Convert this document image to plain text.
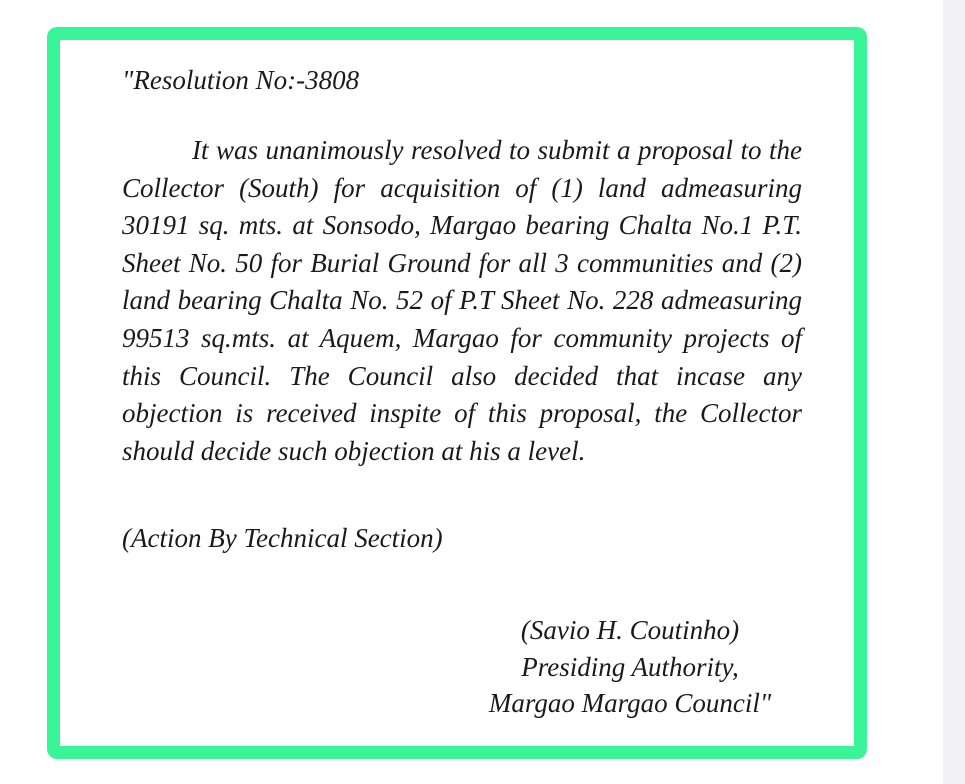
"Resolution No:-3808

It was unanimously resolved to submit a proposal to the Collector (South) for acquisition of (1) land admeasuring 30191 sq. mts. at Sonsodo, Margao bearing Chalta No.1 P.T. Sheet No. 50 for Burial Ground for all 3 communities and (2) land bearing Chalta No. 52 of P.T Sheet No. 228 admeasuring 99513 sq.mts. at Aquem, Margao for community projects of this Council. The Council also decided that incase any objection is received inspite of this proposal, the Collector should decide such objection at his a level.

(Action By Technical Section)

(Savio H. Coutinho)
Presiding Authority,
Margao Margao Council"
